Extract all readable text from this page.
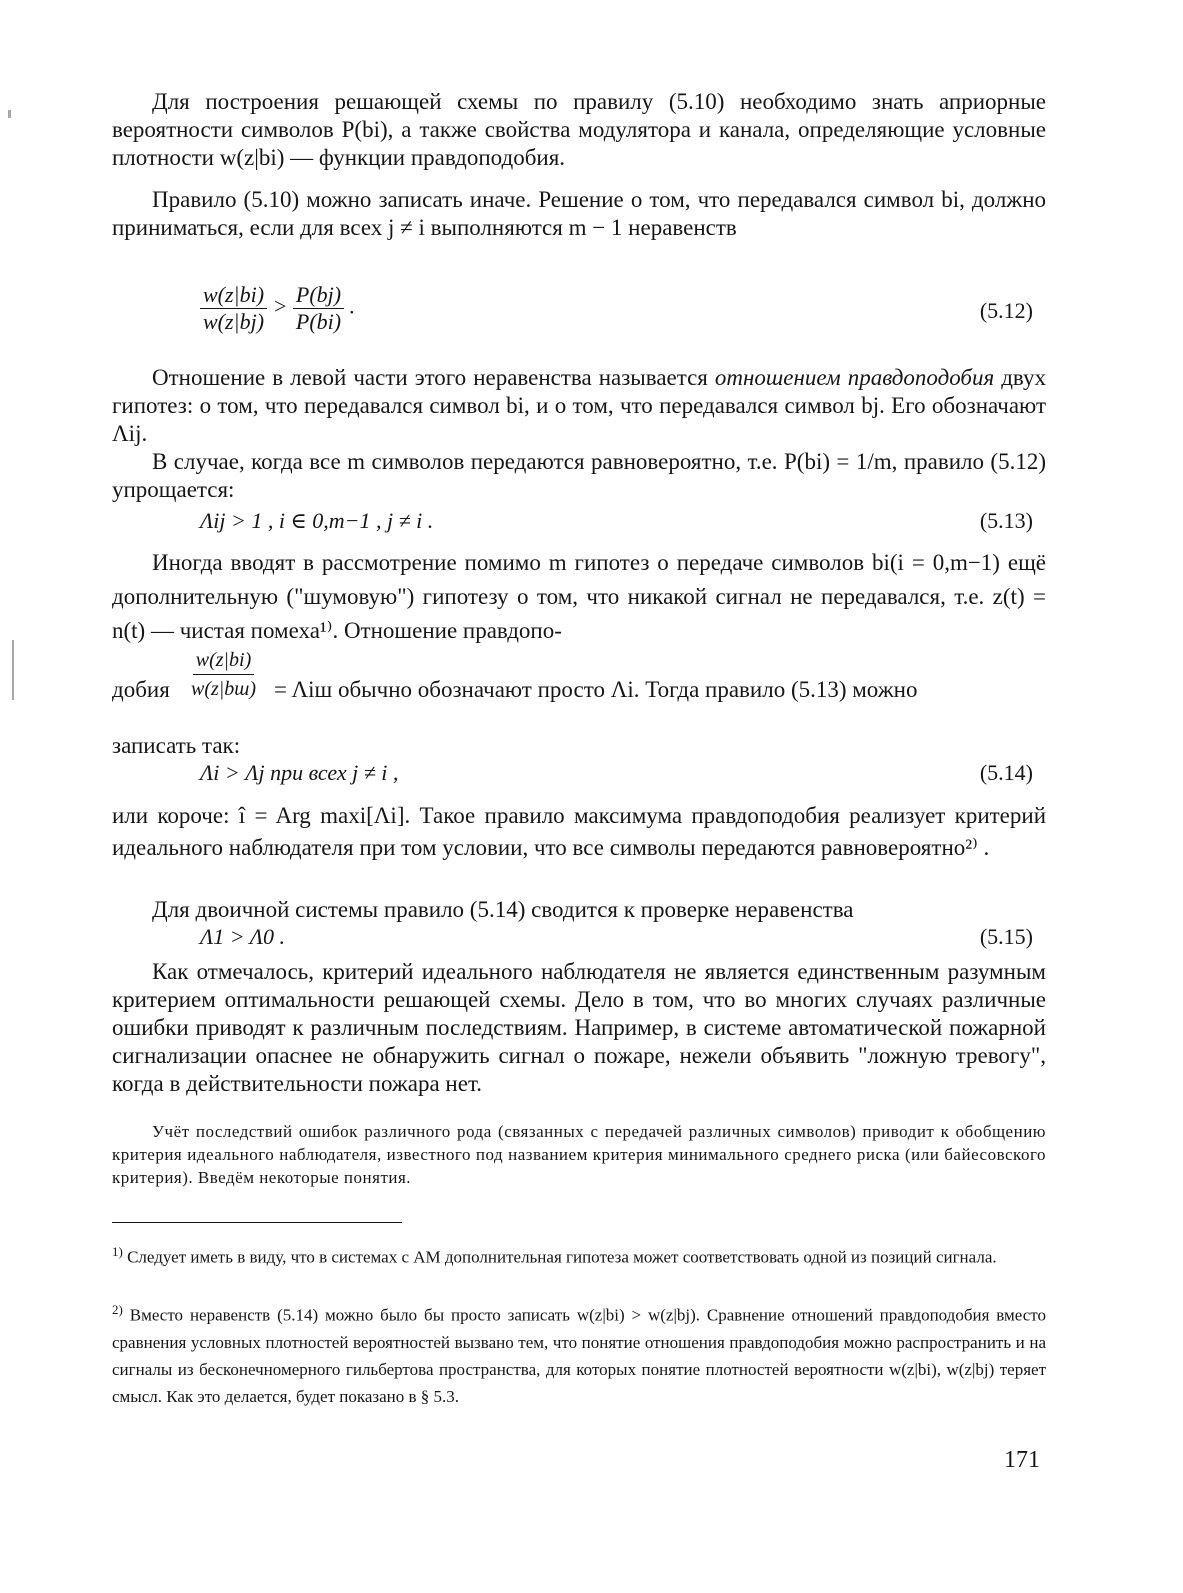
Для построения решающей схемы по правилу (5.10) необходимо знать априорные вероятности символов P(bi), а также свойства модулятора и канала, определяющие условные плотности w(z|bi) — функции правдоподобия.

Правило (5.10) можно записать иначе. Решение о том, что передавался символ bi, должно приниматься, если для всех j ≠ i выполняются m − 1 неравенств

$\frac{w(z|bi)}{w(z|bj)} > \frac{P(bj)}{P(bi)}$ .	(5.12)

Отношение в левой части этого неравенства называется отношением правдоподобия двух гипотез: о том, что передавался символ bi, и о том, что передавался символ bj. Его обозначают Λij.

В случае, когда все m символов передаются равновероятно, т.е. P(bi) = 1/m, правило (5.12) упрощается:

Λij > 1 , i ∈ 0,m−1 , j ≠ i .	(5.13)

Иногда вводят в рассмотрение помимо m гипотез о передаче символов bi(i = 0,m−1) ещё дополнительную ("шумовую") гипотезу о том, что никакой сигнал не передавался, т.е. z(t) = n(t) — чистая помеха¹⁾. Отношение правдопо-

добия
w(z|bi)
w(z|bш) = Λiш обычно обозначают просто Λi. Тогда правило (5.13) можно

записать так:

Λi > Λj при всех j ≠ i ,	(5.14)

или короче: î = Arg maxi[Λi]. Такое правило максимума правдоподобия реализует критерий идеального наблюдателя при том условии, что все символы передаются равновероятно²⁾ .

Для двоичной системы правило (5.14) сводится к проверке неравенства

Λ1 > Λ0 .	(5.15)

Как отмечалось, критерий идеального наблюдателя не является единственным разумным критерием оптимальности решающей схемы. Дело в том, что во многих случаях различные ошибки приводят к различным последствиям. Например, в системе автоматической пожарной сигнализации опаснее не обнаружить сигнал о пожаре, нежели объявить "ложную тревогу", когда в действительности пожара нет.

Учёт последствий ошибок различного рода (связанных с передачей различных символов) приводит к обобщению критерия идеального наблюдателя, известного под названием критерия минимального среднего риска (или байесовского критерия). Введём некоторые понятия.

$^{1)}$ Следует иметь в виду, что в системах с АМ дополнительная гипотеза может соответствовать одной из позиций сигнала.

$^{2)}$ Вместо неравенств (5.14) можно было бы просто записать w(z|bi) > w(z|bj). Сравнение отношений правдоподобия вместо сравнения условных плотностей вероятностей вызвано тем, что понятие отношения правдоподобия можно распространить и на сигналы из бесконечномерного гильбертова пространства, для которых понятие плотностей вероятности w(z|bi), w(z|bj) теряет смысл. Как это делается, будет показано в § 5.3.

171
